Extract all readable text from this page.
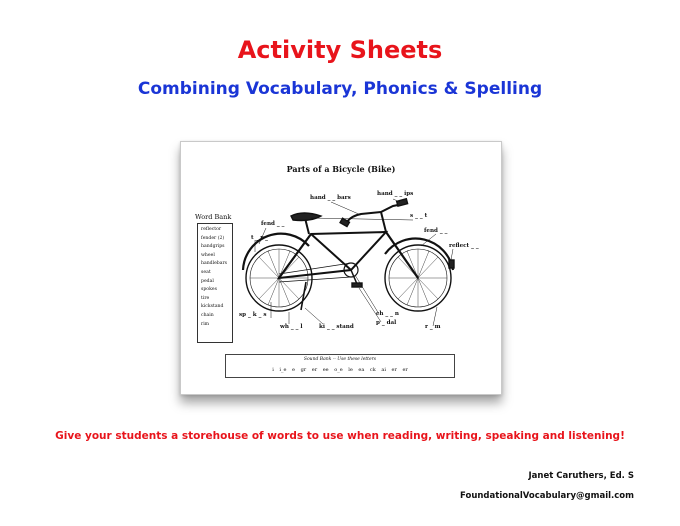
Activity Sheets
Combining Vocabulary, Phonics & Spelling
Parts of a Bicycle (Bike)
Word Bank
reflector
fender (2)
handgrips
wheel
handlebars
seat
pedal
spokes
tire
kickstand
chain
rim
hand _ _ bars
hand _ _ ips
s _ _ t
fend _ _
fend _ _
t _ r _
reflect _ _
sp _ k _ s
wh _ _ l	ki _ _ stand
ch _ _ n
p _ dal
r _ m
Sound Bank -- Use these letters
i i_e e gr er ee o_e le ea ck ai er er
Give your students a storehouse of words to use when reading, writing, speaking and listening!
Janet Caruthers, Ed. S
FoundationalVocabulary@gmail.com
